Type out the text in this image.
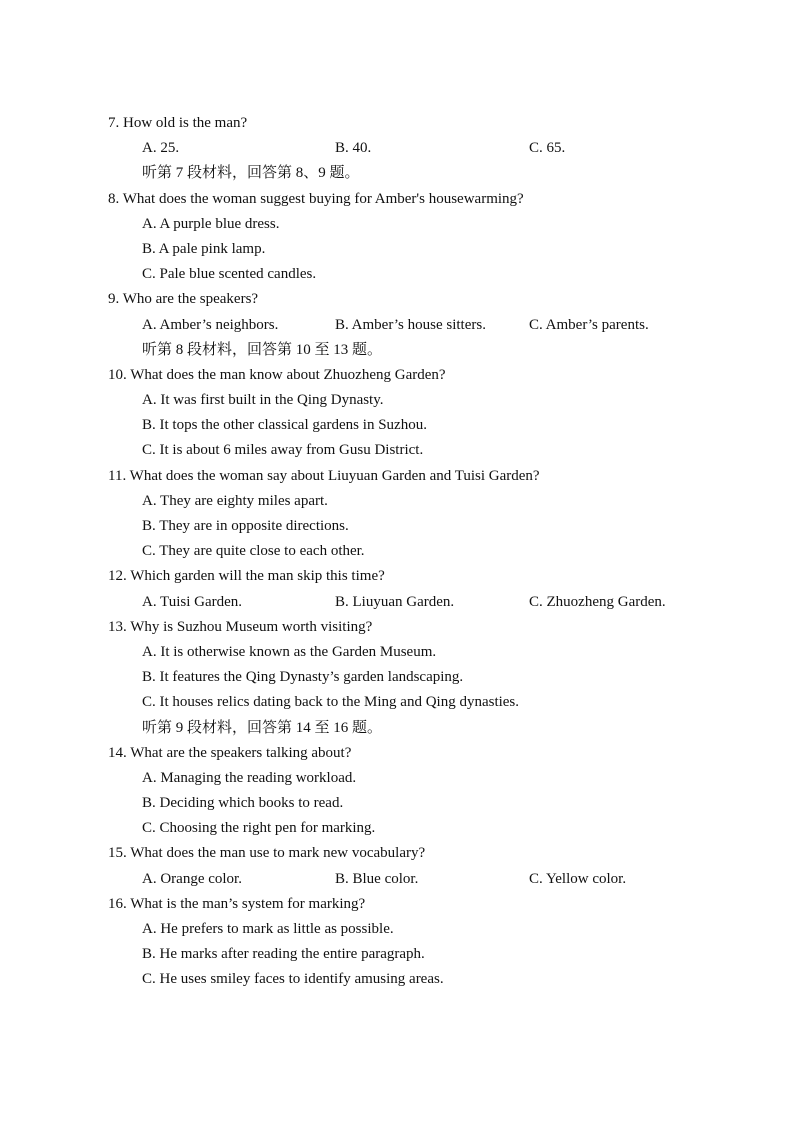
7. How old is the man?
A. 25.	B. 40.	C. 65.
听第 7 段材料，回答第 8、9 题。
8. What does the woman suggest buying for Amber's housewarming?
A. A purple blue dress.
B. A pale pink lamp.
C. Pale blue scented candles.
9. Who are the speakers?
A. Amber’s neighbors.	B. Amber’s house sitters.	C. Amber’s parents.
听第 8 段材料，回答第 10 至 13 题。
10. What does the man know about Zhuozheng Garden?
A. It was first built in the Qing Dynasty.
B. It tops the other classical gardens in Suzhou.
C. It is about 6 miles away from Gusu District.
11. What does the woman say about Liuyuan Garden and Tuisi Garden?
A. They are eighty miles apart.
B. They are in opposite directions.
C. They are quite close to each other.
12. Which garden will the man skip this time?
A. Tuisi Garden.	B. Liuyuan Garden.	C. Zhuozheng Garden.
13. Why is Suzhou Museum worth visiting?
A. It is otherwise known as the Garden Museum.
B. It features the Qing Dynasty’s garden landscaping.
C. It houses relics dating back to the Ming and Qing dynasties.
听第 9 段材料，回答第 14 至 16 题。
14. What are the speakers talking about?
A. Managing the reading workload.
B. Deciding which books to read.
C. Choosing the right pen for marking.
15. What does the man use to mark new vocabulary?
A. Orange color.	B. Blue color.	C. Yellow color.
16. What is the man’s system for marking?
A. He prefers to mark as little as possible.
B. He marks after reading the entire paragraph.
C. He uses smiley faces to identify amusing areas.
